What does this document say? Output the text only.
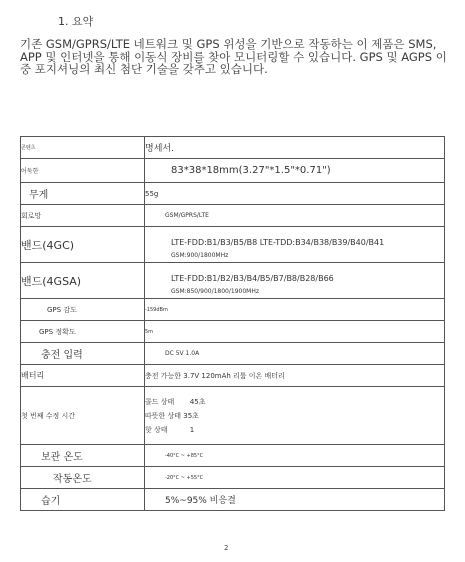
1. 요약
기존 GSM/GPRS/LTE 네트워크 및 GPS 위성을 기반으로 작동하는 이 제품은 SMS, APP 및 인터넷을 통해 이동식 장비를 찾아 모니터링할 수 있습니다. GPS 및 AGPS 이중 포지셔닝의 최신 첨단 기술을 갖추고 있습니다.
콘텐츠	명세서.
어둑한	83*38*18mm(3.27"*1.5"*0.71")
무게	55g
회로망	GSM/GPRS/LTE
밴드(4GC)	LTE-FDD:B1/B3/B5/B8 LTE-TDD:B34/B38/B39/B40/B41
GSM:900/1800MHz

밴드(4GSA)	LTE-FDD:B1/B2/B3/B4/B5/B7/B8/B28/B66
GSM:850/900/1800/1900MHz

GPS 감도	-159dBm
GPS 정확도	5m
충전 입력	DC 5V 1.0A
배터리	충전 가능한 3.7V 120mAh 리튬 이온 배터리
첫 번째 수정 시간	콜드 상태       45초
따뜻한 상태 35초
핫 상태          1

보관 온도	-40°C ~ +85°C
작동온도	-20°C ~ +55°C
습기	5%~95% 비응결
2
